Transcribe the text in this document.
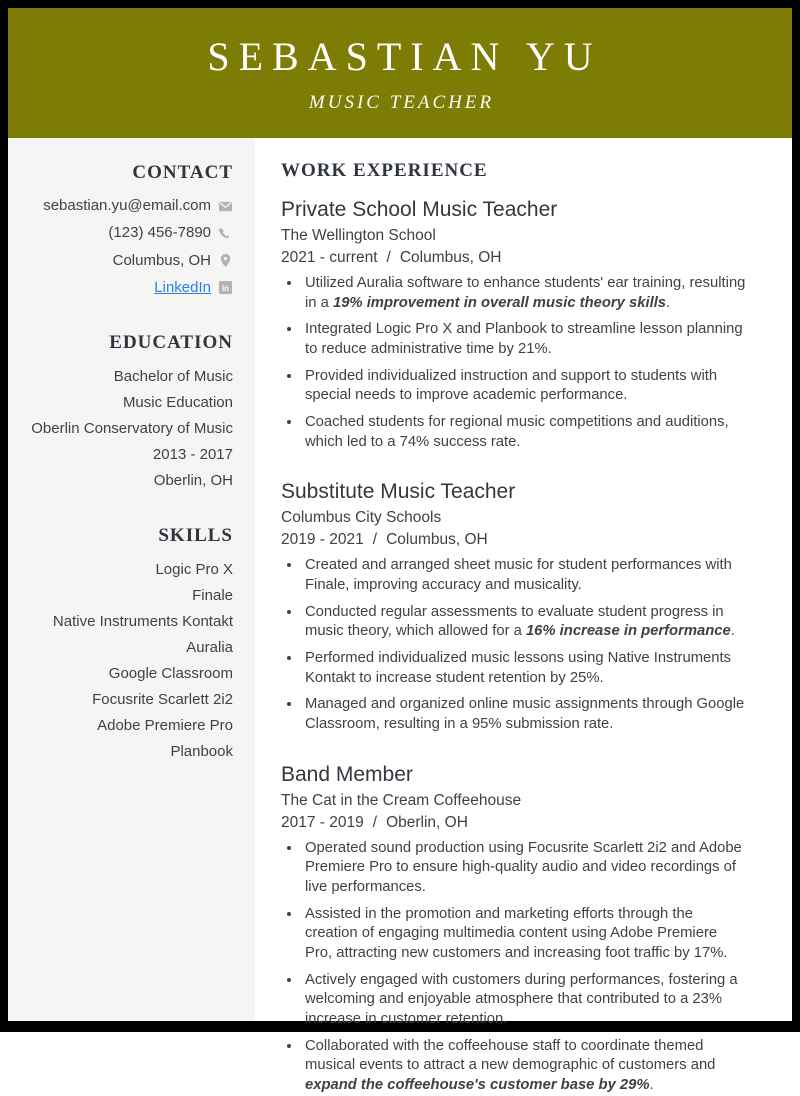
SEBASTIAN YU
MUSIC TEACHER
CONTACT
sebastian.yu@email.com
(123) 456-7890
Columbus, OH
LinkedIn in
EDUCATION
Bachelor of Music
Music Education
Oberlin Conservatory of Music
2013 - 2017
Oberlin, OH
SKILLS
Logic Pro X
Finale
Native Instruments Kontakt
Auralia
Google Classroom
Focusrite Scarlett 2i2
Adobe Premiere Pro
Planbook
WORK EXPERIENCE
Private School Music Teacher
The Wellington School
2021 - current / Columbus, OH
• Utilized Auralia software to enhance students' ear training, resulting in a 19% improvement in overall music theory skills.
• Integrated Logic Pro X and Planbook to streamline lesson planning to reduce administrative time by 21%.
• Provided individualized instruction and support to students with special needs to improve academic performance.
• Coached students for regional music competitions and auditions, which led to a 74% success rate.
Substitute Music Teacher
Columbus City Schools
2019 - 2021 / Columbus, OH
• Created and arranged sheet music for student performances with Finale, improving accuracy and musicality.
• Conducted regular assessments to evaluate student progress in music theory, which allowed for a 16% increase in performance.
• Performed individualized music lessons using Native Instruments Kontakt to increase student retention by 25%.
• Managed and organized online music assignments through Google Classroom, resulting in a 95% submission rate.
Band Member
The Cat in the Cream Coffeehouse
2017 - 2019 / Oberlin, OH
• Operated sound production using Focusrite Scarlett 2i2 and Adobe Premiere Pro to ensure high-quality audio and video recordings of live performances.
• Assisted in the promotion and marketing efforts through the creation of engaging multimedia content using Adobe Premiere Pro, attracting new customers and increasing foot traffic by 17%.
• Actively engaged with customers during performances, fostering a welcoming and enjoyable atmosphere that contributed to a 23% increase in customer retention.
• Collaborated with the coffeehouse staff to coordinate themed musical events to attract a new demographic of customers and expand the coffeehouse's customer base by 29%.
